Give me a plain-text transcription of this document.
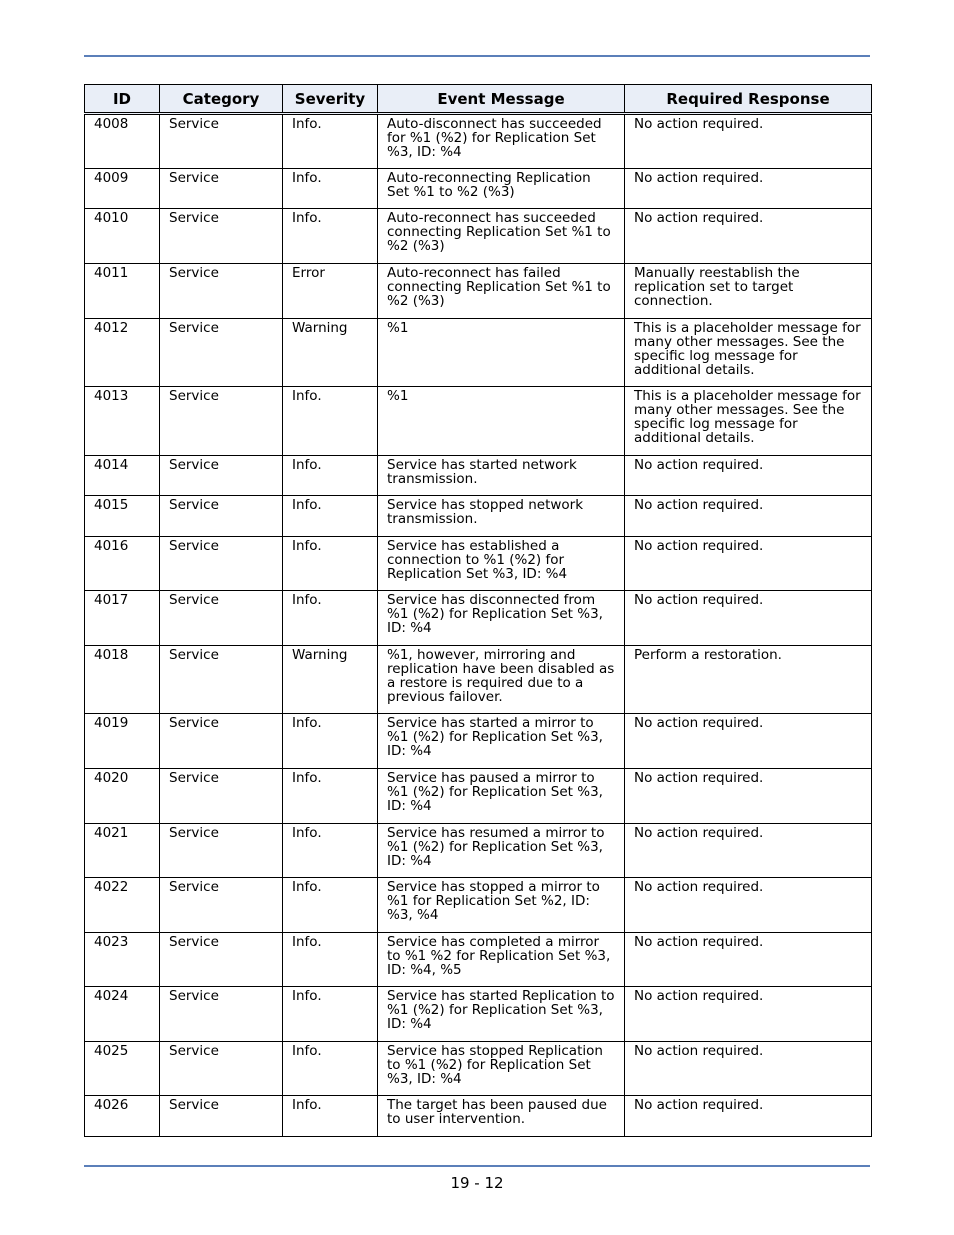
ID	Category	Severity	Event Message	Required Response
4008	Service	Info.	Auto-disconnect has succeeded for %1 (%2) for Replication Set %3, ID: %4	No action required.
4009	Service	Info.	Auto-reconnecting Replication Set %1 to %2 (%3)	No action required.
4010	Service	Info.	Auto-reconnect has succeeded connecting Replication Set %1 to %2 (%3)	No action required.
4011	Service	Error	Auto-reconnect has failed connecting Replication Set %1 to %2 (%3)	Manually reestablish the replication set to target connection.
4012	Service	Warning	%1	This is a placeholder message for many other messages. See the specific log message for additional details.
4013	Service	Info.	%1	This is a placeholder message for many other messages. See the specific log message for additional details.
4014	Service	Info.	Service has started network transmission.	No action required.
4015	Service	Info.	Service has stopped network transmission.	No action required.
4016	Service	Info.	Service has established a connection to %1 (%2) for Replication Set %3, ID: %4	No action required.
4017	Service	Info.	Service has disconnected from %1 (%2) for Replication Set %3, ID: %4	No action required.
4018	Service	Warning	%1, however, mirroring and replication have been disabled as a restore is required due to a previous failover.	Perform a restoration.
4019	Service	Info.	Service has started a mirror to %1 (%2) for Replication Set %3, ID: %4	No action required.
4020	Service	Info.	Service has paused a mirror to %1 (%2) for Replication Set %3, ID: %4	No action required.
4021	Service	Info.	Service has resumed a mirror to %1 (%2) for Replication Set %3, ID: %4	No action required.
4022	Service	Info.	Service has stopped a mirror to %1 for Replication Set %2, ID: %3, %4	No action required.
4023	Service	Info.	Service has completed a mirror to %1 %2 for Replication Set %3, ID: %4, %5	No action required.
4024	Service	Info.	Service has started Replication to %1 (%2) for Replication Set %3, ID: %4	No action required.
4025	Service	Info.	Service has stopped Replication to %1 (%2) for Replication Set %3, ID: %4	No action required.
4026	Service	Info.	The target has been paused due to user intervention.	No action required.
19 - 12
